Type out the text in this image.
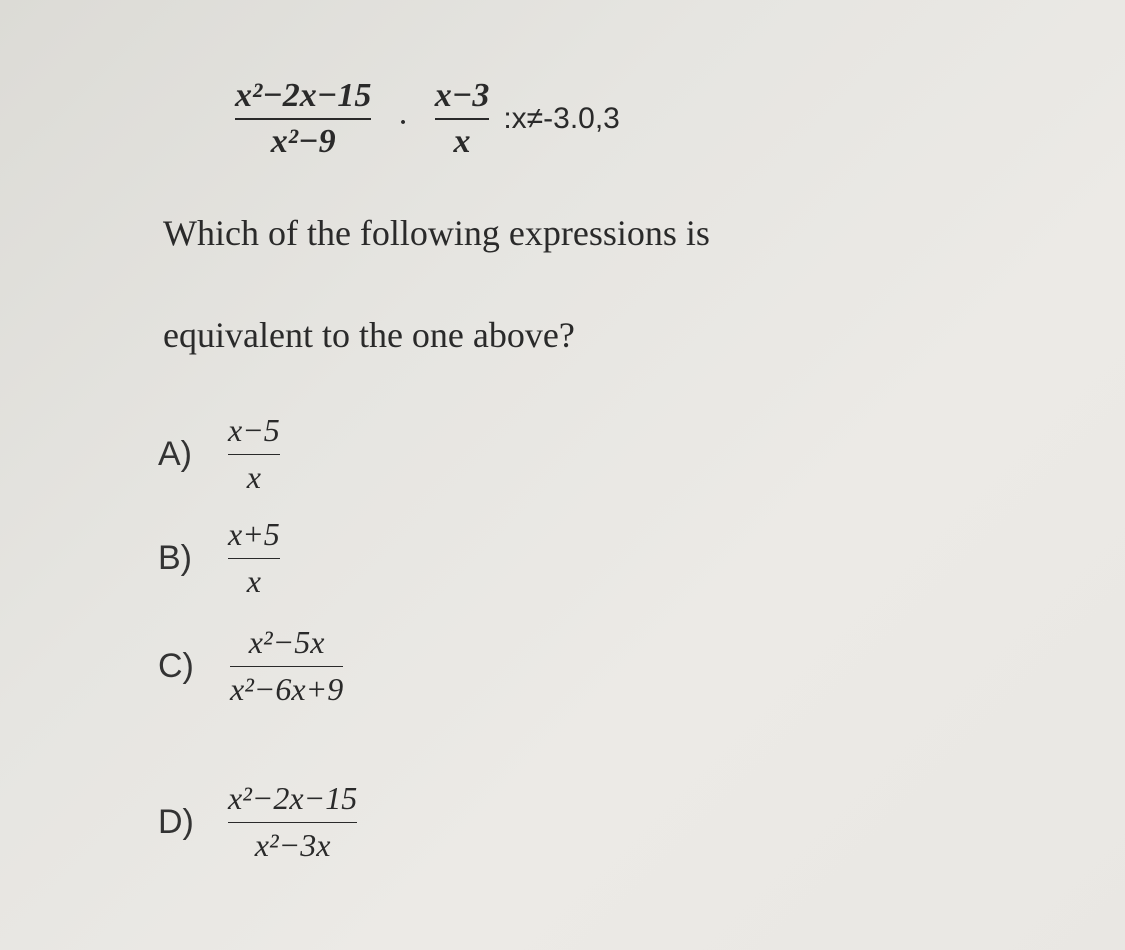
$\frac{\text{x²−2x−15}}{\text{x²−9}} \cdot \frac{x-3}{x}$ :x≠-3.0,3
Which of the following expressions is
equivalent to the one above?
A)	$\frac{x-5}{x}$
B)	$\frac{x+5}{x}$
$C) \frac{\text{x²−5x}}{\text{x²−6x+9}}$
$D) \frac{\text{x²−2x−15}}{\text{x²−3x}}$
